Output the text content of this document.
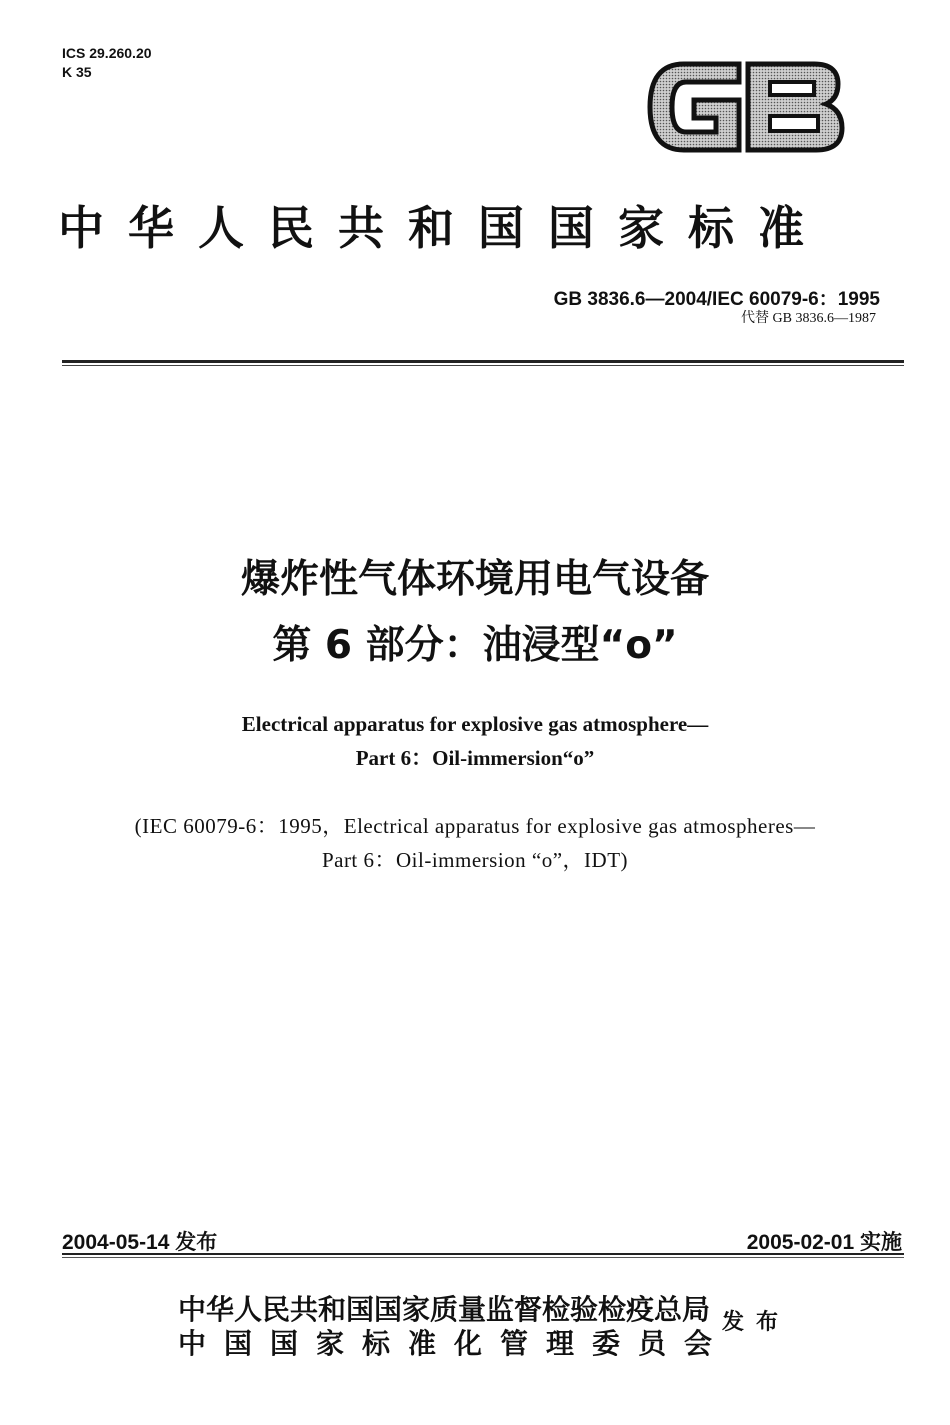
ICS 29.260.20
K 35
中华人民共和国国家标准
GB 3836.6—2004/IEC 60079-6：1995
代替 GB 3836.6—1987
爆炸性气体环境用电气设备
第 6 部分：油浸型“o”
Electrical apparatus for explosive gas atmosphere—
Part 6：Oil-immersion“o”
(IEC 60079-6：1995，Electrical apparatus for explosive gas atmospheres—
Part 6：Oil-immersion “o”，IDT)
2004-05-14 发布	2005-02-01 实施
中华人民共和国国家质量监督检验检疫总局
中国国家标准化管理委员会
发布
